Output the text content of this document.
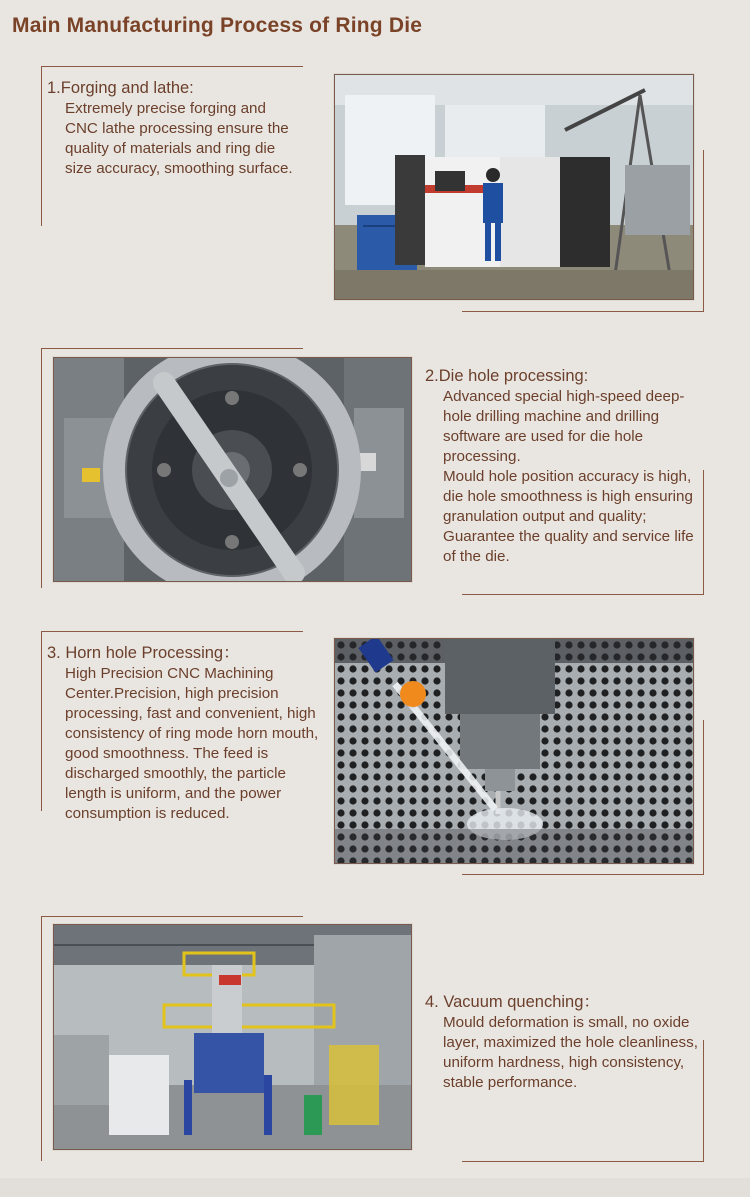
Main Manufacturing Process of Ring Die
1.Forging and lathe:

Extremely precise forging and CNC lathe processing ensure the quality of materials and ring die size accuracy, smoothing surface.

2.Die hole processing:

Advanced special high-speed deep-hole drilling machine and drilling software are used for die hole processing.

Mould hole position accuracy is high, die hole smoothness is high ensuring granulation output and quality;

Guarantee the quality and service life of the die.

3. Horn hole Processing：

High Precision CNC Machining Center.Precision, high precision processing, fast and convenient, high consistency of ring mode horn mouth, good smoothness. The feed is discharged smoothly, the particle length is uniform, and the power consumption is reduced.

4. Vacuum quenching：

Mould deformation is small, no oxide layer, maximized the hole cleanliness, uniform hardness, high consistency, stable performance.
